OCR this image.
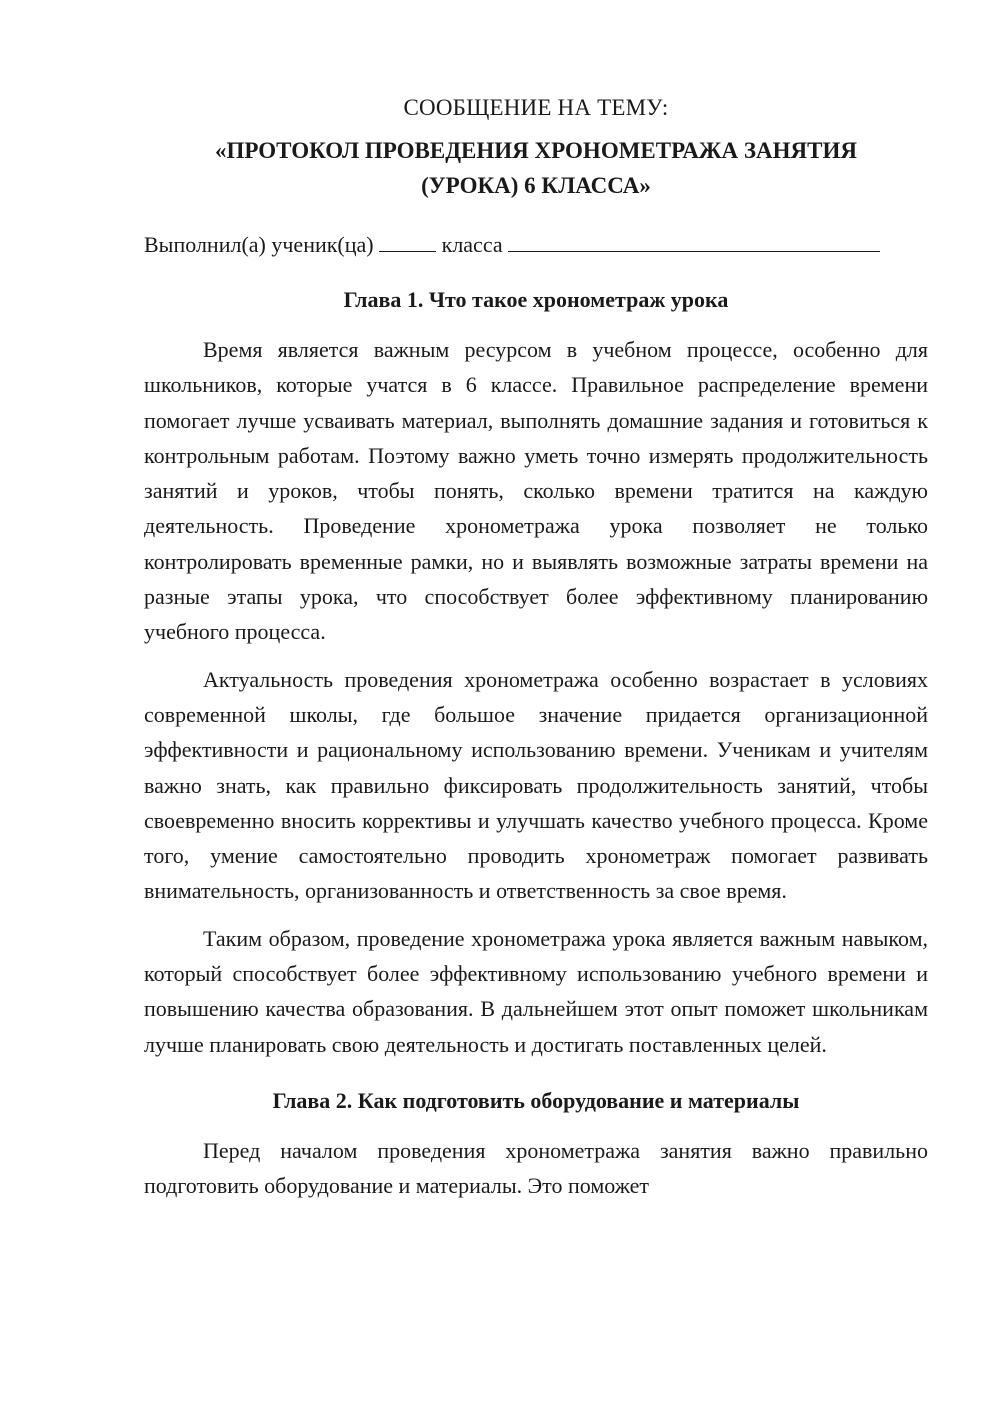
СООБЩЕНИЕ НА ТЕМУ:
«ПРОТОКОЛ ПРОВЕДЕНИЯ ХРОНОМЕТРАЖА ЗАНЯТИЯ
(УРОКА) 6 КЛАССА»
Выполнил(а) ученик(ца)	класса
Глава 1. Что такое хронометраж урока

Время является важным ресурсом в учебном процессе, особенно для школьников, которые учатся в 6 классе. Правильное распределение времени помогает лучше усваивать материал, выполнять домашние задания и готовиться к контрольным работам. Поэтому важно уметь точно измерять продолжительность занятий и уроков, чтобы понять, сколько времени тратится на каждую деятельность. Проведение хронометража урока позволяет не только контролировать временные рамки, но и выявлять возможные затраты времени на разные этапы урока, что способствует более эффективному планированию учебного процесса.

Актуальность проведения хронометража особенно возрастает в условиях современной школы, где большое значение придается организационной эффективности и рациональному использованию времени. Ученикам и учителям важно знать, как правильно фиксировать продолжительность занятий, чтобы своевременно вносить коррективы и улучшать качество учебного процесса. Кроме того, умение самостоятельно проводить хронометраж помогает развивать внимательность, организованность и ответственность за свое время.

Таким образом, проведение хронометража урока является важным навыком, который способствует более эффективному использованию учебного времени и повышению качества образования. В дальнейшем этот опыт поможет школьникам лучше планировать свою деятельность и достигать поставленных целей.

Глава 2. Как подготовить оборудование и материалы

Перед началом проведения хронометража занятия важно правильно подготовить оборудование и материалы. Это поможет
